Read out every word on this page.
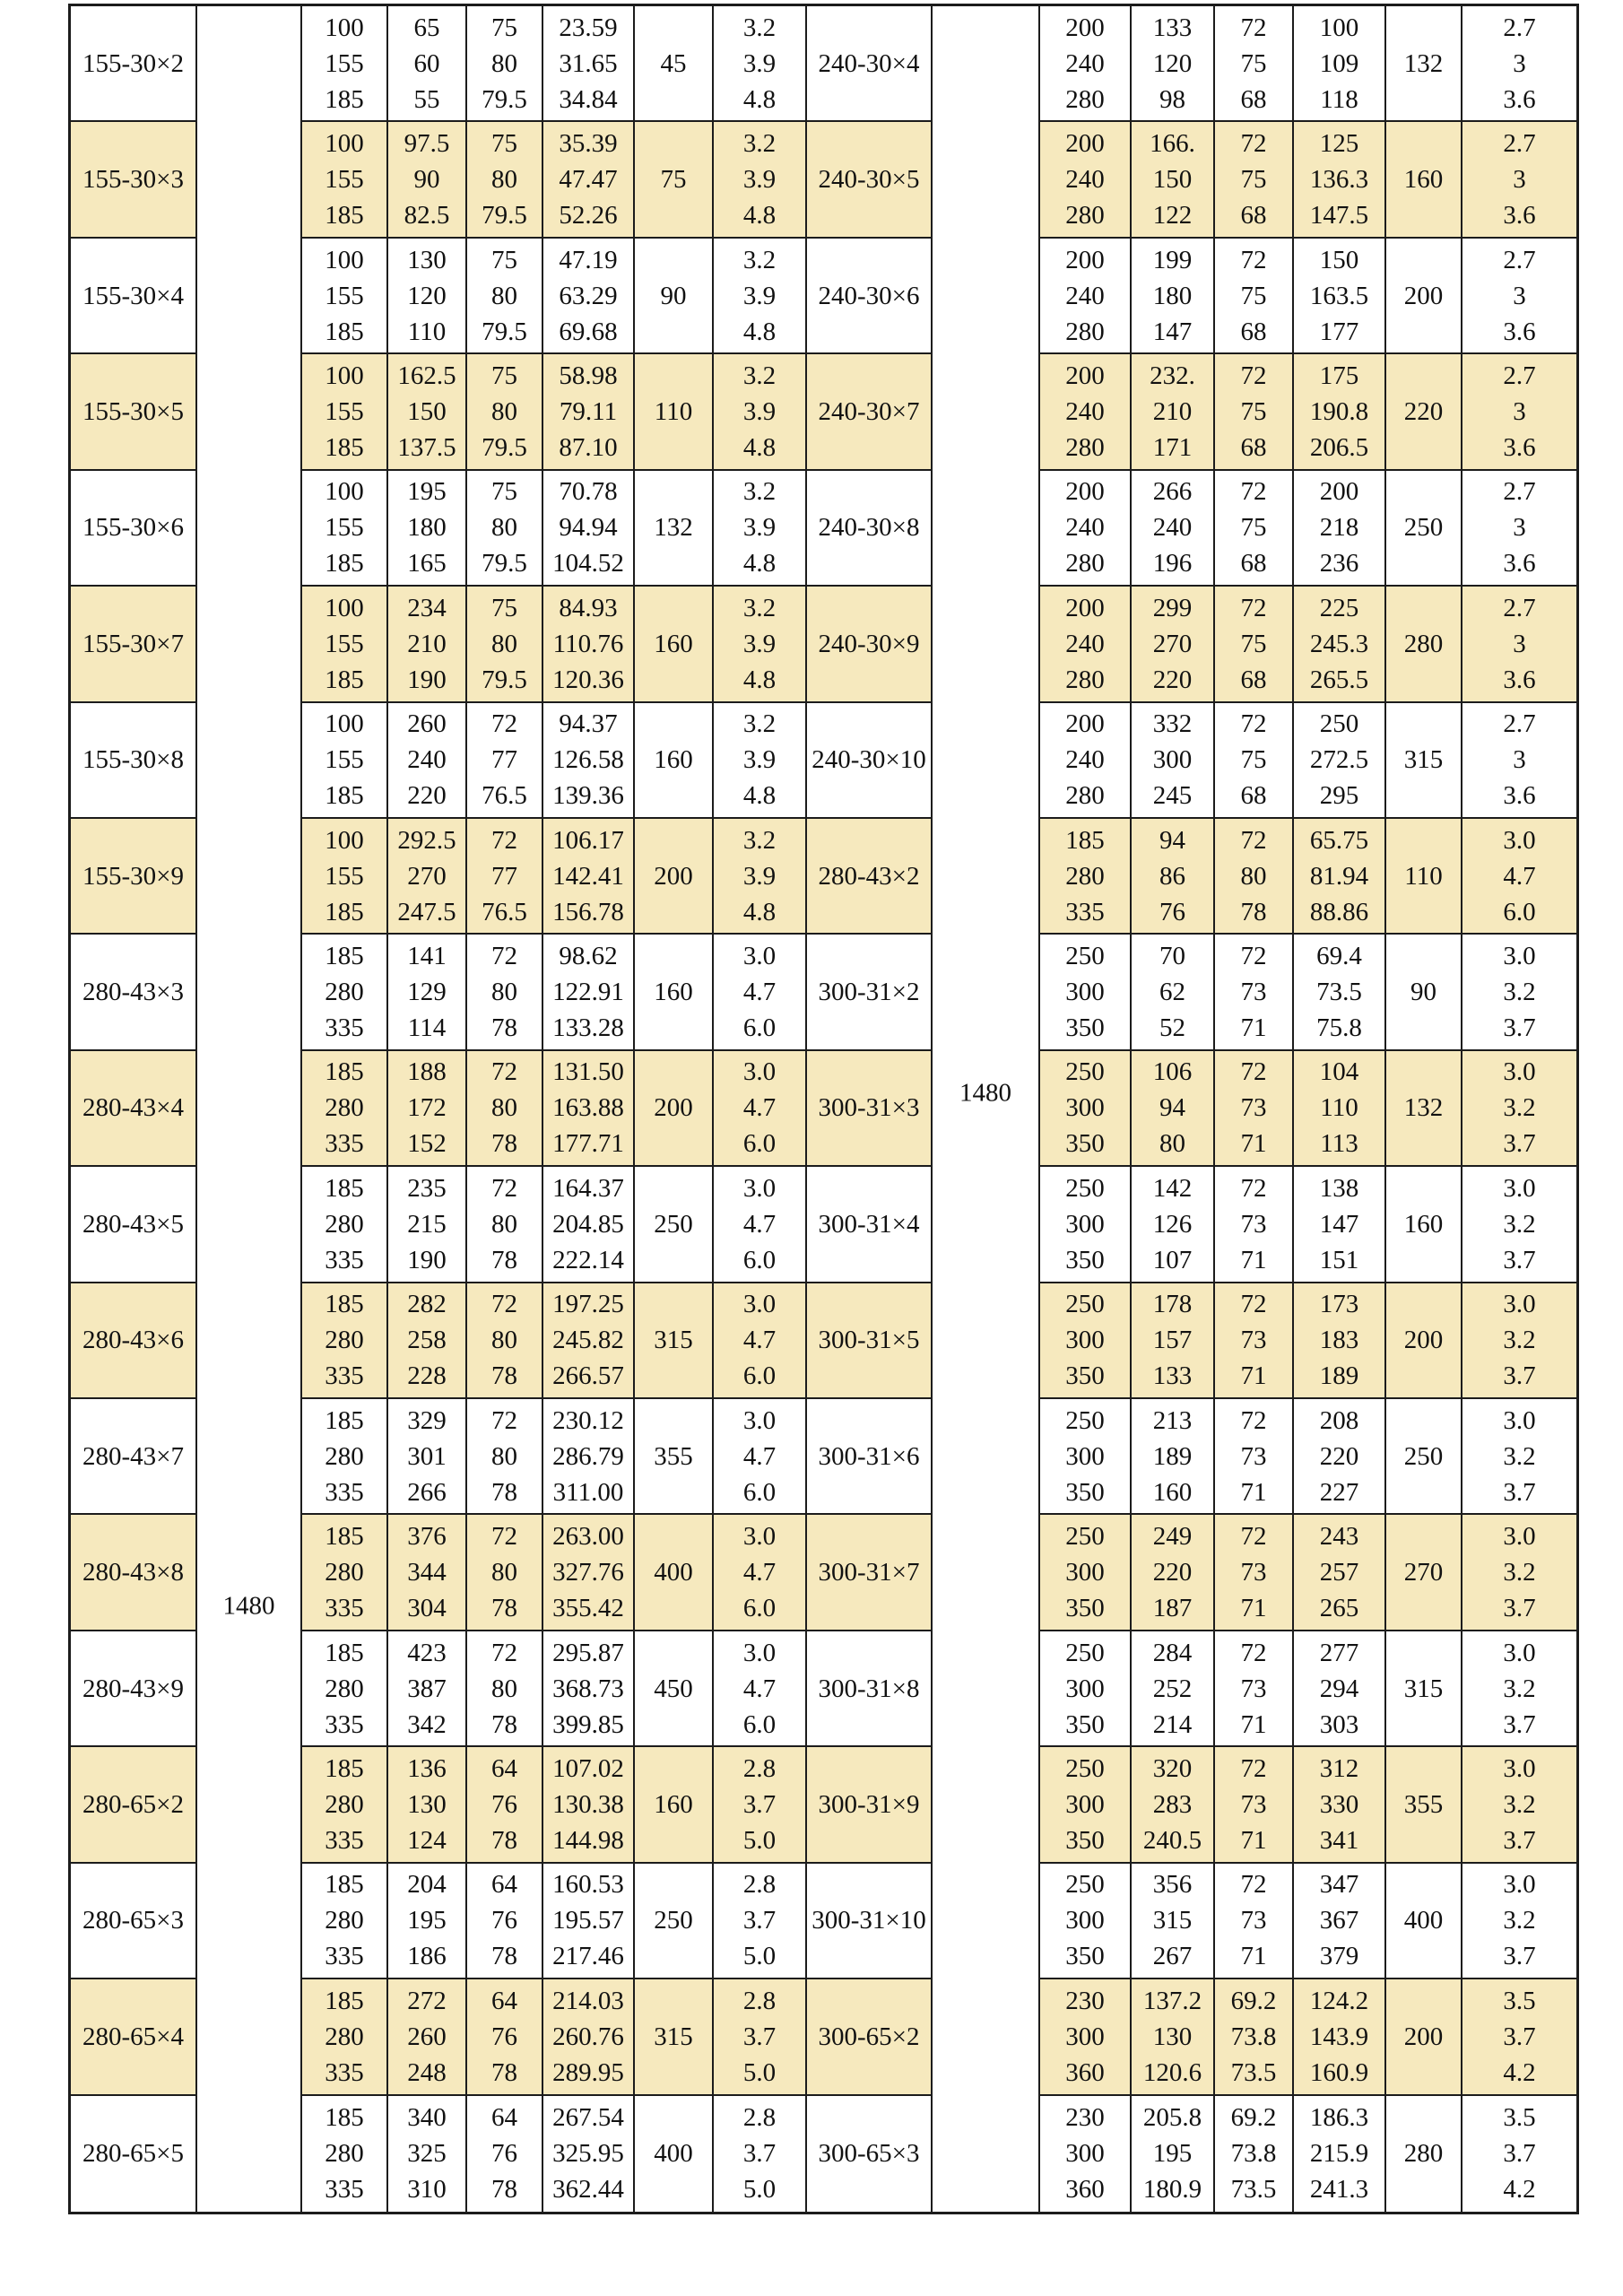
1480
1480
155-30×2
100
155
185
65
60
55
75
80
79.5
23.59
31.65
34.84
45
3.2
3.9
4.8
240-30×4
200
240
280
133
120
98
72
75
68
100
109
118
132
2.7
3
3.6
155-30×3
100
155
185
97.5
90
82.5
75
80
79.5
35.39
47.47
52.26
75
3.2
3.9
4.8
240-30×5
200
240
280
166.
150
122
72
75
68
125
136.3
147.5
160
2.7
3
3.6
155-30×4
100
155
185
130
120
110
75
80
79.5
47.19
63.29
69.68
90
3.2
3.9
4.8
240-30×6
200
240
280
199
180
147
72
75
68
150
163.5
177
200
2.7
3
3.6
155-30×5
100
155
185
162.5
150
137.5
75
80
79.5
58.98
79.11
87.10
110
3.2
3.9
4.8
240-30×7
200
240
280
232.
210
171
72
75
68
175
190.8
206.5
220
2.7
3
3.6
155-30×6
100
155
185
195
180
165
75
80
79.5
70.78
94.94
104.52
132
3.2
3.9
4.8
240-30×8
200
240
280
266
240
196
72
75
68
200
218
236
250
2.7
3
3.6
155-30×7
100
155
185
234
210
190
75
80
79.5
84.93
110.76
120.36
160
3.2
3.9
4.8
240-30×9
200
240
280
299
270
220
72
75
68
225
245.3
265.5
280
2.7
3
3.6
155-30×8
100
155
185
260
240
220
72
77
76.5
94.37
126.58
139.36
160
3.2
3.9
4.8
240-30×10
200
240
280
332
300
245
72
75
68
250
272.5
295
315
2.7
3
3.6
155-30×9
100
155
185
292.5
270
247.5
72
77
76.5
106.17
142.41
156.78
200
3.2
3.9
4.8
280-43×2
185
280
335
94
86
76
72
80
78
65.75
81.94
88.86
110
3.0
4.7
6.0
280-43×3
185
280
335
141
129
114
72
80
78
98.62
122.91
133.28
160
3.0
4.7
6.0
300-31×2
250
300
350
70
62
52
72
73
71
69.4
73.5
75.8
90
3.0
3.2
3.7
280-43×4
185
280
335
188
172
152
72
80
78
131.50
163.88
177.71
200
3.0
4.7
6.0
300-31×3
250
300
350
106
94
80
72
73
71
104
110
113
132
3.0
3.2
3.7
280-43×5
185
280
335
235
215
190
72
80
78
164.37
204.85
222.14
250
3.0
4.7
6.0
300-31×4
250
300
350
142
126
107
72
73
71
138
147
151
160
3.0
3.2
3.7
280-43×6
185
280
335
282
258
228
72
80
78
197.25
245.82
266.57
315
3.0
4.7
6.0
300-31×5
250
300
350
178
157
133
72
73
71
173
183
189
200
3.0
3.2
3.7
280-43×7
185
280
335
329
301
266
72
80
78
230.12
286.79
311.00
355
3.0
4.7
6.0
300-31×6
250
300
350
213
189
160
72
73
71
208
220
227
250
3.0
3.2
3.7
280-43×8
185
280
335
376
344
304
72
80
78
263.00
327.76
355.42
400
3.0
4.7
6.0
300-31×7
250
300
350
249
220
187
72
73
71
243
257
265
270
3.0
3.2
3.7
280-43×9
185
280
335
423
387
342
72
80
78
295.87
368.73
399.85
450
3.0
4.7
6.0
300-31×8
250
300
350
284
252
214
72
73
71
277
294
303
315
3.0
3.2
3.7
280-65×2
185
280
335
136
130
124
64
76
78
107.02
130.38
144.98
160
2.8
3.7
5.0
300-31×9
250
300
350
320
283
240.5
72
73
71
312
330
341
355
3.0
3.2
3.7
280-65×3
185
280
335
204
195
186
64
76
78
160.53
195.57
217.46
250
2.8
3.7
5.0
300-31×10
250
300
350
356
315
267
72
73
71
347
367
379
400
3.0
3.2
3.7
280-65×4
185
280
335
272
260
248
64
76
78
214.03
260.76
289.95
315
2.8
3.7
5.0
300-65×2
230
300
360
137.2
130
120.6
69.2
73.8
73.5
124.2
143.9
160.9
200
3.5
3.7
4.2
280-65×5
185
280
335
340
325
310
64
76
78
267.54
325.95
362.44
400
2.8
3.7
5.0
300-65×3
230
300
360
205.8
195
180.9
69.2
73.8
73.5
186.3
215.9
241.3
280
3.5
3.7
4.2
